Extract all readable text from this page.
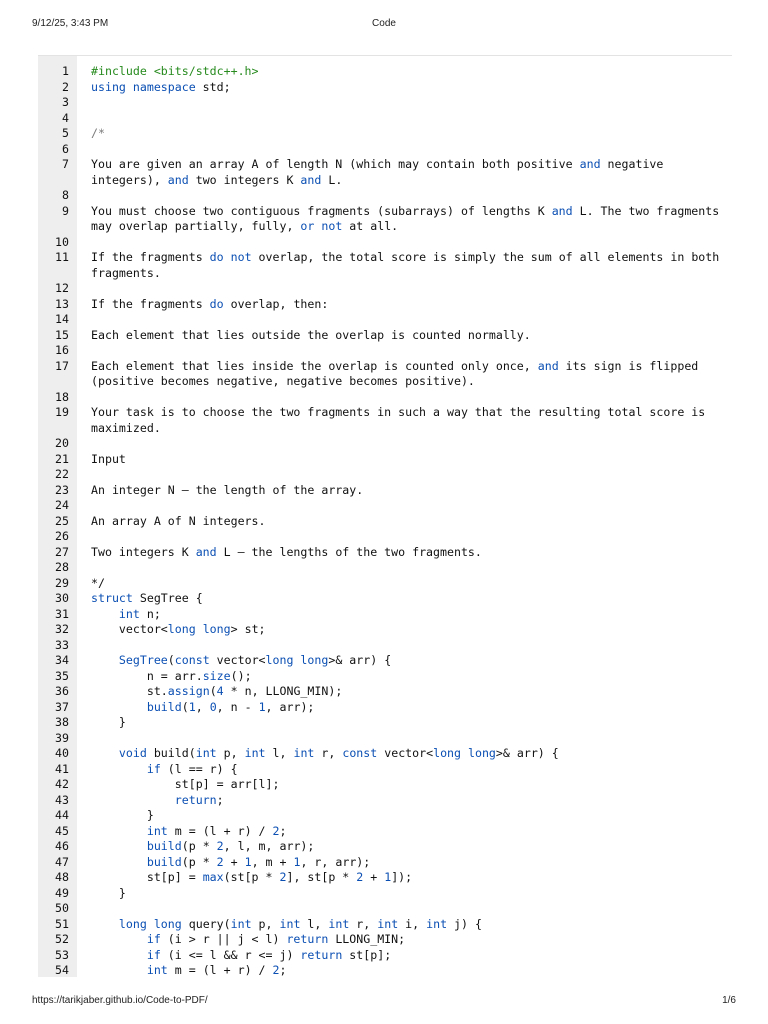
9/12/25, 3:43 PM	Code
1 #include <bits/stdc++.h>
2 using namespace std;
3
4
5 /*
6
7 You are given an array A of length N (which may contain both positive and negative integers), and two integers K and L.
8
9 You must choose two contiguous fragments (subarrays) of lengths K and L. The two fragments may overlap partially, fully, or not at all.
10
11 If the fragments do not overlap, the total score is simply the sum of all elements in both fragments.
12
13 If the fragments do overlap, then:
14
15 Each element that lies outside the overlap is counted normally.
16
17 Each element that lies inside the overlap is counted only once, and its sign is flipped (positive becomes negative, negative becomes positive).
18
19 Your task is to choose the two fragments in such a way that the resulting total score is maximized.
20
21 Input
22
23 An integer N — the length of the array.
24
25 An array A of N integers.
26
27 Two integers K and L — the lengths of the two fragments.
28
29 */
30 struct SegTree {
31	int n;
32 vector<long long> st;
33
34	SegTree(const vector<long long>& arr) {
35 n = arr.size();
36 st.assign(4 * n, LLONG_MIN);
37	build(1, 0, n - 1, arr);
38 }
39
40	void build(int p, int l, int r, const vector<long long>& arr) {
41	if (l == r) {
42 st[p] = arr[l];
43	return;
44 }
45	int m = (l + r) / 2;
46	build(p * 2, l, m, arr);
47	build(p * 2 + 1, m + 1, r, arr);
48 st[p] = max(st[p * 2], st[p * 2 + 1]);
49 }
50
51	long long query(int p, int l, int r, int i, int j) {
52	if (i > r || j < l) return LLONG_MIN;
53	if (i <= l && r <= j) return st[p];
54	int m = (l + r) / 2;
https://tarikjaber.github.io/Code-to-PDF/	1/6
